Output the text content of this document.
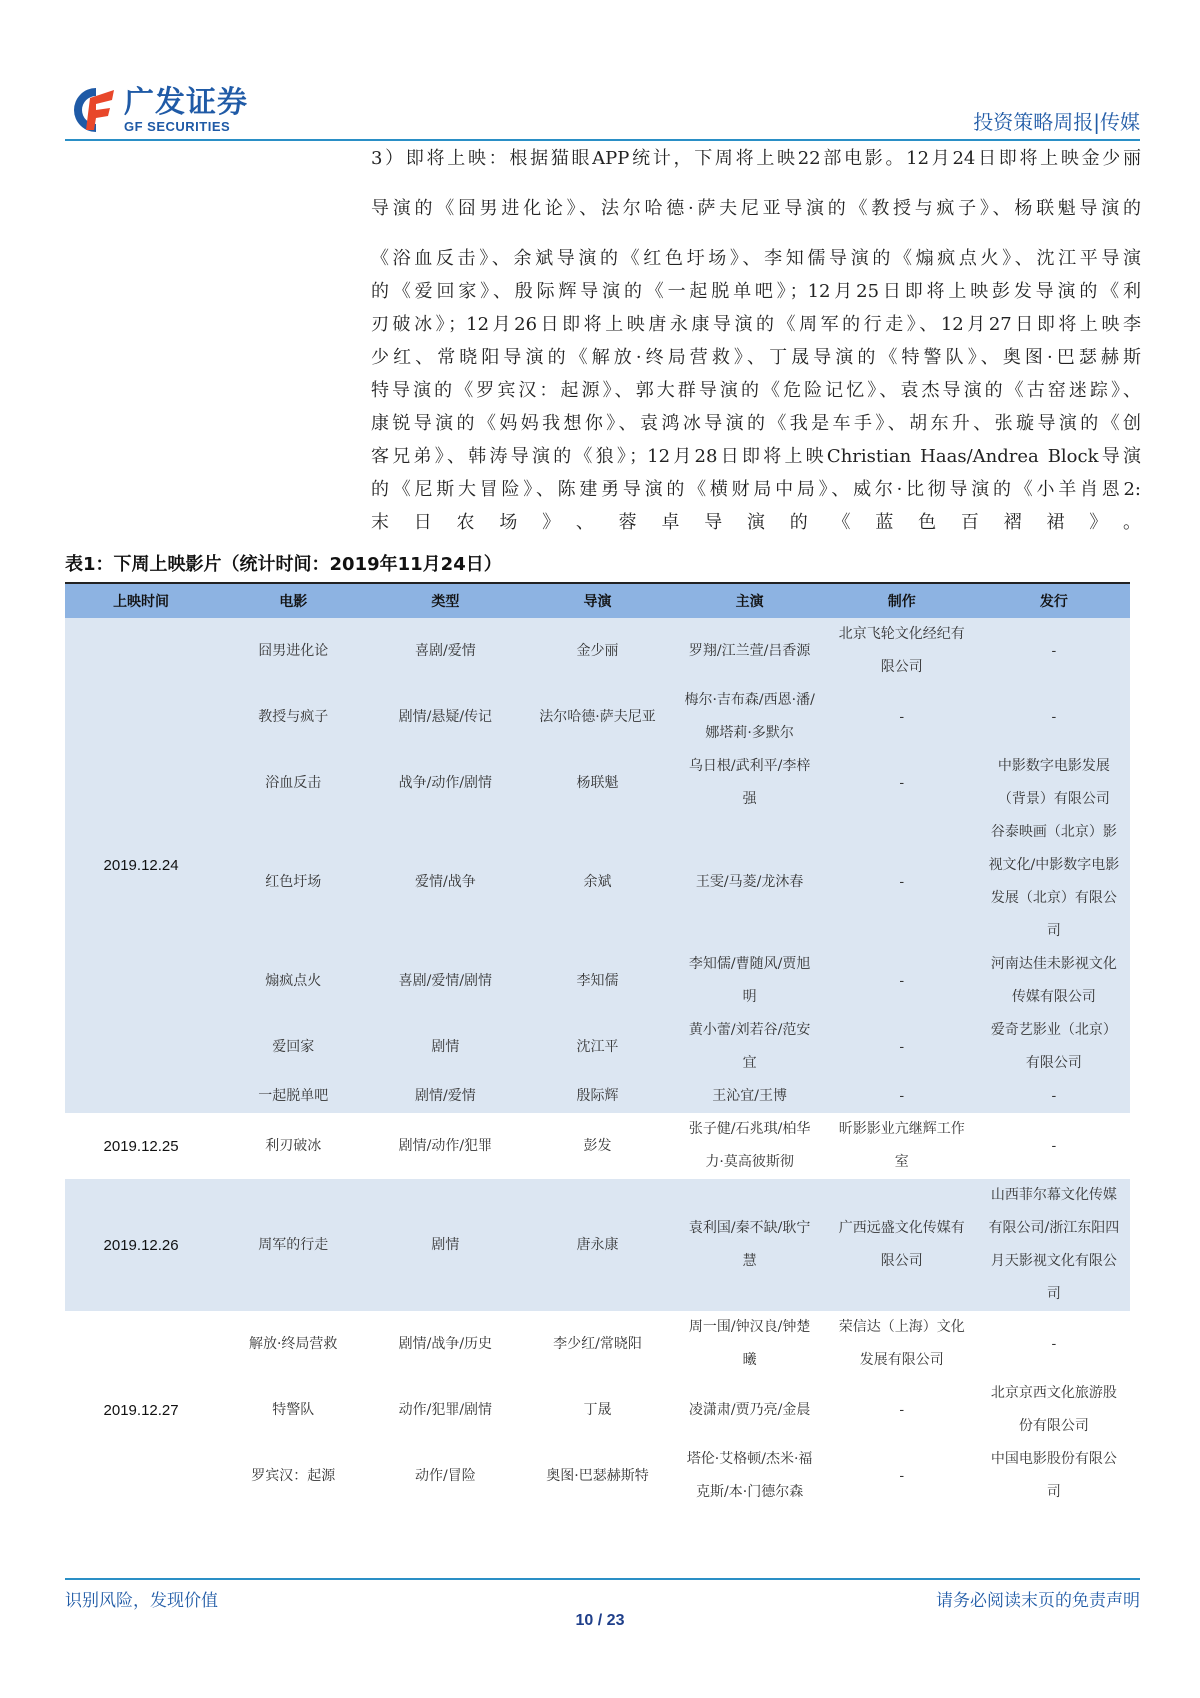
广发证券
GF SECURITIES	投资策略周报|传媒
3）即将上映：根据猫眼APP统计，下周将上映22部电影。12月24日即将上映金少丽
导演的《囧男进化论》、法尔哈德·萨夫尼亚导演的《教授与疯子》、杨联魁导演的
《浴血反击》、余斌导演的《红色圩场》、李知儒导演的《煽疯点火》、沈江平导演
的《爱回家》、殷际辉导演的《一起脱单吧》；12月25日即将上映彭发导演的《利
刃破冰》；12月26日即将上映唐永康导演的《周军的行走》、12月27日即将上映李
少红、常晓阳导演的《解放·终局营救》、丁晟导演的《特警队》、奥图·巴瑟赫斯
特导演的《罗宾汉：起源》、郭大群导演的《危险记忆》、袁杰导演的《古窑迷踪》、
康锐导演的《妈妈我想你》、袁鸿冰导演的《我是车手》、胡东升、张璇导演的《创
客兄弟》、韩涛导演的《狼》；12月28日即将上映Christian Haas/Andrea Block导演
的《尼斯大冒险》、陈建勇导演的《横财局中局》、威尔·比彻导演的《小羊肖恩2:
末日农场》、蓉卓导演的《蓝色百褶裙》。
表1：下周上映影片（统计时间：2019年11月24日）
上映时间	电影	类型	导演	主演	制作	发行
2019.12.24	囧男进化论	喜剧/爱情	金少丽	罗翔/江兰萱/吕香源	北京飞轮文化经纪有限公司	-
	教授与疯子	剧情/悬疑/传记	法尔哈德·萨夫尼亚	梅尔·吉布森/西恩·潘/娜塔莉·多默尔	-	-
	浴血反击	战争/动作/剧情	杨联魁	乌日根/武利平/李梓强	-	中影数字电影发展（背景）有限公司
	红色圩场	爱情/战争	余斌	王雯/马菱/龙沐春	-	谷泰映画（北京）影视文化/中影数字电影发展（北京）有限公司
	煽疯点火	喜剧/爱情/剧情	李知儒	李知儒/曹随风/贾旭明	-	河南达佳未影视文化传媒有限公司
	爱回家	剧情	沈江平	黄小蕾/刘若谷/范安宜	-	爱奇艺影业（北京）有限公司
	一起脱单吧	剧情/爱情	殷际辉	王沁宜/王博	-	-
2019.12.25	利刃破冰	剧情/动作/犯罪	彭发	张子健/石兆琪/柏华力·莫高彼斯彻	昕影影业亢继辉工作室	-
2019.12.26	周军的行走	剧情	唐永康	袁利国/秦不缺/耿宁慧	广西远盛文化传媒有限公司	山西菲尔幕文化传媒有限公司/浙江东阳四月天影视文化有限公司
2019.12.27	解放·终局营救	剧情/战争/历史	李少红/常晓阳	周一围/钟汉良/钟楚曦	荣信达（上海）文化发展有限公司	-
	特警队	动作/犯罪/剧情	丁晟	凌潇肃/贾乃亮/金晨	-	北京京西文化旅游股份有限公司
	罗宾汉：起源	动作/冒险	奥图·巴瑟赫斯特	塔伦·艾格顿/杰米·福克斯/本·门德尔森	-	中国电影股份有限公司
识别风险，发现价值	请务必阅读末页的免责声明
10 / 23
